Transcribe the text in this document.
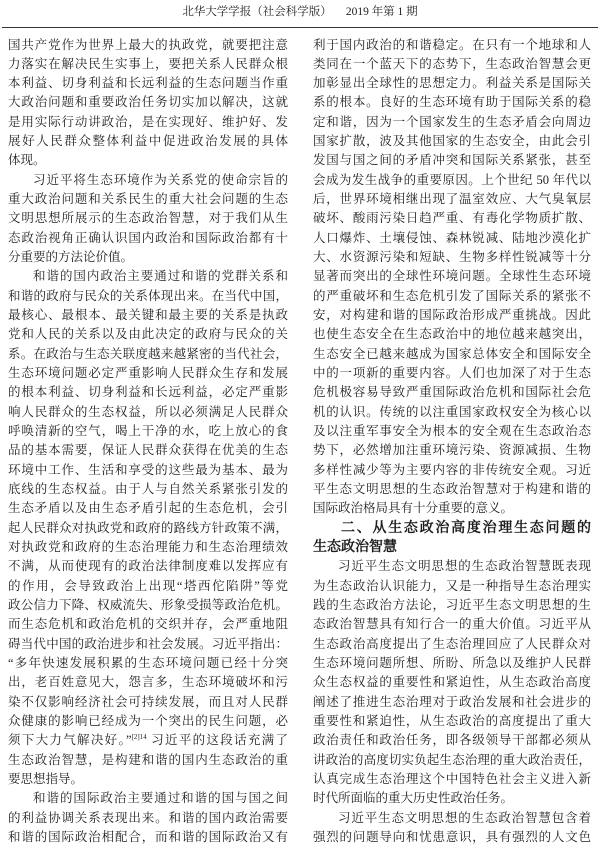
北华大学学报（社会科学版） 2019 年第 1 期
国共产党作为世界上最大的执政党，就要把注意
力落实在解决民生实事上，要把关系人民群众根
本利益、切身利益和长远利益的生态问题当作重
大政治问题和重要政治任务切实加以解决，这就
是用实际行动讲政治，是在实现好、维护好、发
展好人民群众整体利益中促进政治发展的具体
体现。
习近平将生态环境作为关系党的使命宗旨的
重大政治问题和关系民生的重大社会问题的生态
文明思想所展示的生态政治智慧，对于我们从生
态政治视角正确认识国内政治和国际政治都有十
分重要的方法论价值。
和谐的国内政治主要通过和谐的党群关系和
和谐的政府与民众的关系体现出来。在当代中国，
最核心、最根本、最关键和最主要的关系是执政
党和人民的关系以及由此决定的政府与民众的关
系。在政治与生态关联度越来越紧密的当代社会，
生态环境问题必定严重影响人民群众生存和发展
的根本利益、切身利益和长远利益，必定严重影
响人民群众的生态权益，所以必须满足人民群众
呼唤清新的空气，喝上干净的水，吃上放心的食
品的基本需要，保证人民群众获得在优美的生态
环境中工作、生活和享受的这些最为基本、最为
底线的生态权益。由于人与自然关系紧张引发的
生态矛盾以及由生态矛盾引起的生态危机，会引
起人民群众对执政党和政府的路线方针政策不满，
对执政党和政府的生态治理能力和生态治理绩效
不满，从而使现有的政治法律制度难以发挥应有
的作用，会导致政治上出现“塔西佗陷阱”等党
政公信力下降、权威流失、形象受损等政治危机。
而生态危机和政治危机的交织并存，会严重地阻
碍当代中国的政治进步和社会发展。习近平指出：
“多年快速发展积累的生态环境问题已经十分突
出，老百姓意见大，怨言多，生态环境破坏和污
染不仅影响经济社会可持续发展，而且对人民群
众健康的影响已经成为一个突出的民生问题，必
须下大力气解决好。”$^{[2]14}$ 习近平的这段话充满了
生态政治智慧，是构建和谐的国内生态政治的重
要思想指导。
和谐的国际政治主要通过和谐的国与国之间
的利益协调关系表现出来。和谐的国内政治需要
和谐的国际政治相配合，而和谐的国际政治又有
利于国内政治的和谐稳定。在只有一个地球和人
类同在一个蓝天下的态势下，生态政治智慧会更
加彰显出全球性的思想定力。利益关系是国际关
系的根本。良好的生态环境有助于国际关系的稳
定和谐，因为一个国家发生的生态矛盾会向周边
国家扩散，波及其他国家的生态安全，由此会引
发国与国之间的矛盾冲突和国际关系紧张，甚至
会成为发生战争的重要原因。上个世纪 50 年代以
后，世界环境相继出现了温室效应、大气臭氧层
破坏、酸雨污染日趋严重、有毒化学物质扩散、
人口爆炸、土壤侵蚀、森林锐减、陆地沙漠化扩
大、水资源污染和短缺、生物多样性锐减等十分
显著而突出的全球性环境问题。全球性生态环境
的严重破坏和生态危机引发了国际关系的紧张不
安，对构建和谐的国际政治形成严重挑战。因此
也使生态安全在生态政治中的地位越来越突出，
生态安全已越来越成为国家总体安全和国际安全
中的一项新的重要内容。人们也加深了对于生态
危机极容易导致严重国际政治危机和国际社会危
机的认识。传统的以注重国家政权安全为核心以
及以注重军事安全为根本的安全观在生态政治态
势下，必然增加注重环境污染、资源减损、生物
多样性减少等为主要内容的非传统安全观。习近
平生态文明思想的生态政治智慧对于构建和谐的
国际政治格局具有十分重要的意义。
二、从生态政治高度治理生态问题的
生态政治智慧
习近平生态文明思想的生态政治智慧既表现
为生态政治认识能力，又是一种指导生态治理实
践的生态政治方法论，习近平生态文明思想的生
态政治智慧具有知行合一的重大价值。习近平从
生态政治高度提出了生态治理回应了人民群众对
生态环境问题所想、所盼、所急以及维护人民群
众生态权益的重要性和紧迫性，从生态政治高度
阐述了推进生态治理对于政治发展和社会进步的
重要性和紧迫性，从生态政治的高度提出了重大
政治责任和政治任务，即各级领导干部都必须从
讲政治的高度切实负起生态治理的重大政治责任，
认真完成生态治理这个中国特色社会主义进入新
时代所面临的重大历史性政治任务。
习近平生态文明思想的生态政治智慧包含着
强烈的问题导向和忧患意识，具有强烈的人文色
